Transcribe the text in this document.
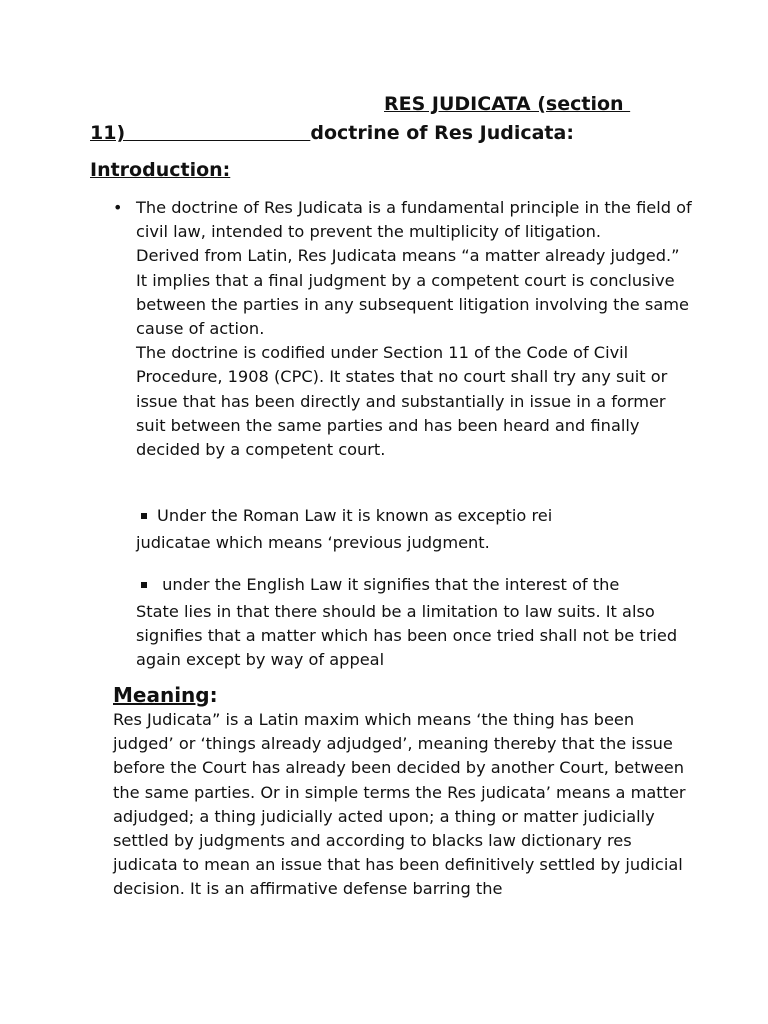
RES JUDICATA (section
11)                            doctrine of Res Judicata:
Introduction:
• The doctrine of Res Judicata is a fundamental principle in the field of civil law, intended to prevent the multiplicity of litigation.

Derived from Latin, Res Judicata means “a matter already judged.” It implies that a final judgment by a competent court is conclusive between the parties in any subsequent litigation involving the same cause of action.

The doctrine is codified under Section 11 of the Code of Civil Procedure, 1908 (CPC). It states that no court shall try any suit or issue that has been directly and substantially in issue in a former suit between the same parties and has been heard and finally decided by a competent court.

Under the Roman Law it is known as exceptio rei
judicatae which means ‘previous judgment.
under the English Law it signifies that the interest of the
State lies in that there should be a limitation to law suits. It also signifies that a matter which has been once tried shall not be tried again except by way of appeal
Meaning:
Res Judicata” is a Latin maxim which means ‘the thing has been judged’ or ‘things already adjudged’, meaning thereby that the issue before the Court has already been decided by another Court, between the same parties. Or in simple terms the Res judicata’ means a matter adjudged; a thing judicially acted upon; a thing or matter judicially settled by judgments and according to blacks law dictionary res judicata to mean an issue that has been definitively settled by judicial decision. It is an affirmative defense barring the
